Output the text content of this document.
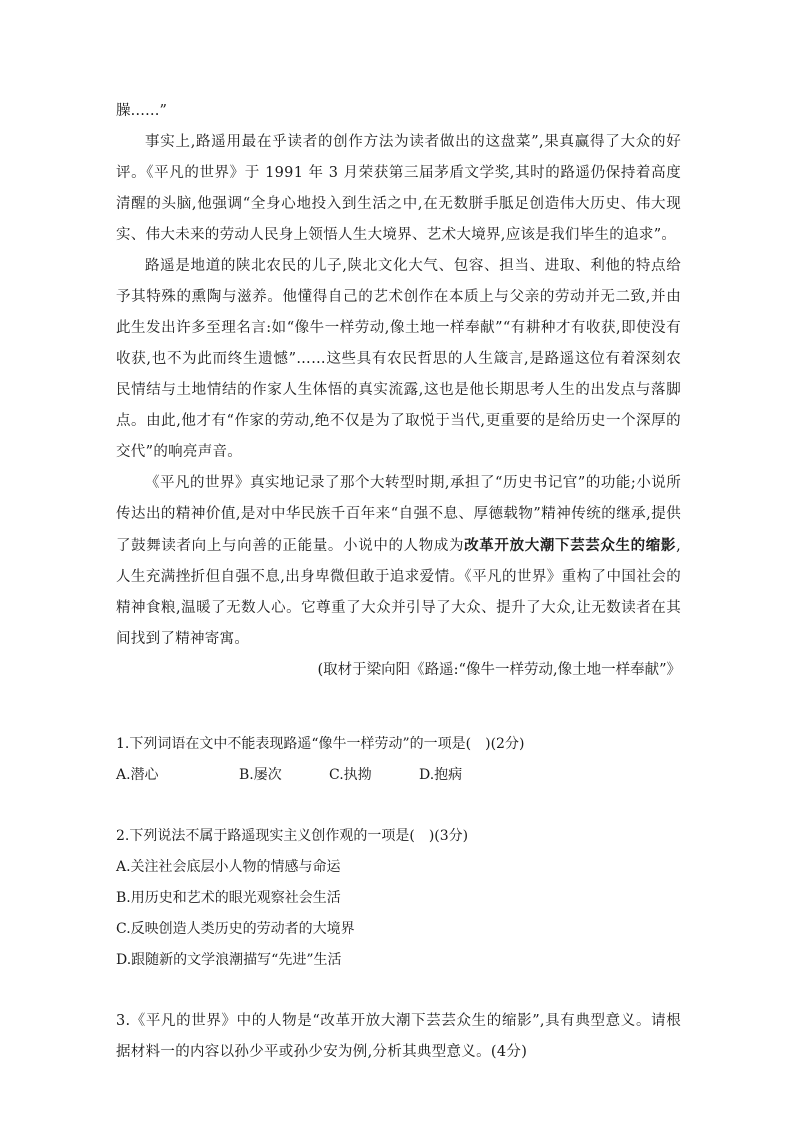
臊……”

事实上,路遥用最在乎读者的创作方法为读者做出的这盘菜”,果真赢得了大众的好评。《平凡的世界》于 1991 年 3 月荣获第三届茅盾文学奖,其时的路遥仍保持着高度清醒的头脑,他强调“全身心地投入到生活之中,在无数胼手胝足创造伟大历史、伟大现实、伟大未来的劳动人民身上领悟人生大境界、艺术大境界,应该是我们毕生的追求”。

路遥是地道的陕北农民的儿子,陕北文化大气、包容、担当、进取、利他的特点给予其特殊的熏陶与滋养。他懂得自己的艺术创作在本质上与父亲的劳动并无二致,并由此生发出许多至理名言:如“像牛一样劳动,像土地一样奉献”“有耕种才有收获,即使没有收获,也不为此而终生遗憾”……这些具有农民哲思的人生箴言,是路遥这位有着深刻农民情结与土地情结的作家人生体悟的真实流露,这也是他长期思考人生的出发点与落脚点。由此,他才有“作家的劳动,绝不仅是为了取悦于当代,更重要的是给历史一个深厚的交代”的响亮声音。

《平凡的世界》真实地记录了那个大转型时期,承担了“历史书记官”的功能;小说所传达出的精神价值,是对中华民族千百年来“自强不息、厚德载物”精神传统的继承,提供了鼓舞读者向上与向善的正能量。小说中的人物成为改革开放大潮下芸芸众生的缩影,人生充满挫折但自强不息,出身卑微但敢于追求爱情。《平凡的世界》重构了中国社会的精神食粮,温暖了无数人心。它尊重了大众并引导了大众、提升了大众,让无数读者在其间找到了精神寄寓。

(取材于梁向阳《路遥:“像牛一样劳动,像土地一样奉献”》

1.下列词语在文中不能表现路遥“像牛一样劳动”的一项是(　)(2分)

A.潜心	B.屡次	C.执拗	D.抱病

2.下列说法不属于路遥现实主义创作观的一项是(　)(3分)

A.关注社会底层小人物的情感与命运

B.用历史和艺术的眼光观察社会生活

C.反映创造人类历史的劳动者的大境界

D.跟随新的文学浪潮描写“先进”生活

3.《平凡的世界》中的人物是“改革开放大潮下芸芸众生的缩影”,具有典型意义。请根据材料一的内容以孙少平或孙少安为例,分析其典型意义。(4分)
